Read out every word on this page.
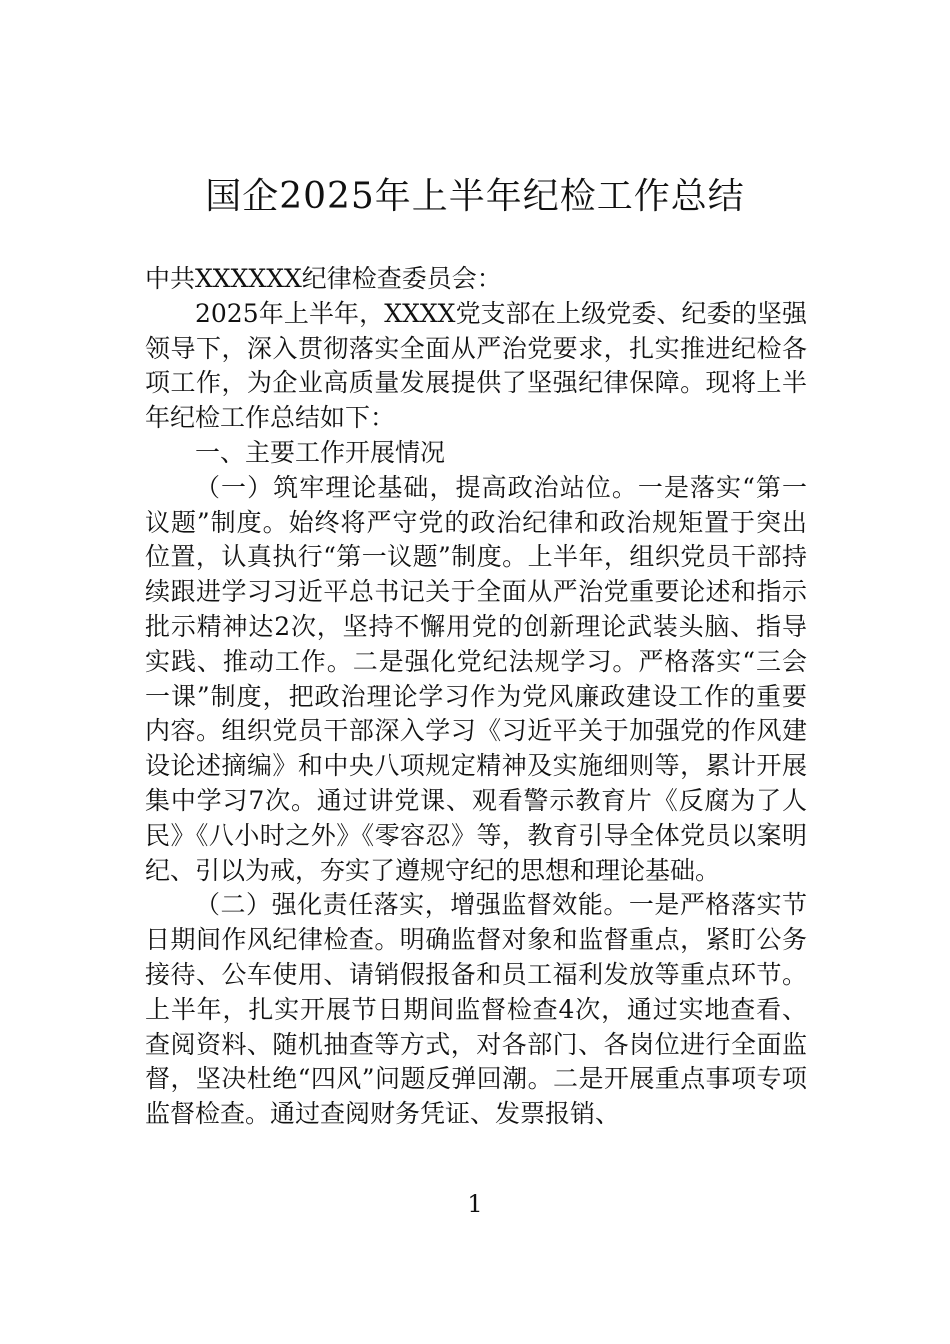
国企2025年上半年纪检工作总结

中共XXXXXX纪律检查委员会：

2025年上半年，XXXX党支部在上级党委、纪委的坚强领导下，深入贯彻落实全面从严治党要求，扎实推进纪检各项工作，为企业高质量发展提供了坚强纪律保障。现将上半年纪检工作总结如下：

一、主要工作开展情况

（一）筑牢理论基础，提高政治站位。一是落实“第一议题”制度。始终将严守党的政治纪律和政治规矩置于突出位置，认真执行“第一议题”制度。上半年，组织党员干部持续跟进学习习近平总书记关于全面从严治党重要论述和指示批示精神达2次，坚持不懈用党的创新理论武装头脑、指导实践、推动工作。二是强化党纪法规学习。严格落实“三会一课”制度，把政治理论学习作为党风廉政建设工作的重要内容。组织党员干部深入学习《习近平关于加强党的作风建设论述摘编》和中央八项规定精神及实施细则等，累计开展集中学习7次。通过讲党课、观看警示教育片《反腐为了人民》《八小时之外》《零容忍》等，教育引导全体党员以案明纪、引以为戒，夯实了遵规守纪的思想和理论基础。

（二）强化责任落实，增强监督效能。一是严格落实节日期间作风纪律检查。明确监督对象和监督重点，紧盯公务接待、公车使用、请销假报备和员工福利发放等重点环节。上半年，扎实开展节日期间监督检查4次，通过实地查看、查阅资料、随机抽查等方式，对各部门、各岗位进行全面监督，坚决杜绝“四风”问题反弹回潮。二是开展重点事项专项监督检查。通过查阅财务凭证、发票报销、

1
